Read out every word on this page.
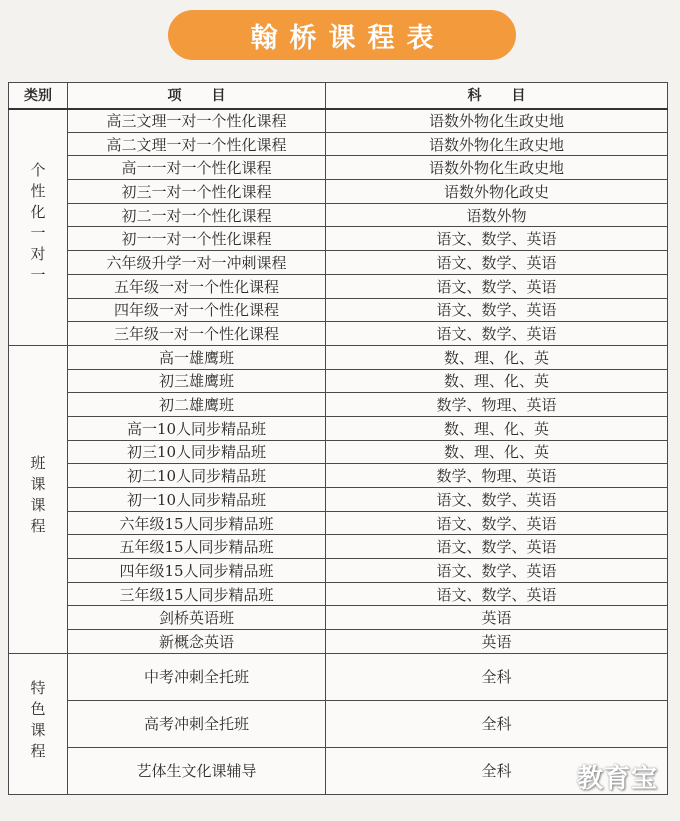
翰桥课程表
类别	项目	科目
个性化一对一	高三文理一对一个性化课程	语数外物化生政史地
	高二文理一对一个性化课程	语数外物化生政史地
	高一一对一个性化课程	语数外物化生政史地
	初三一对一个性化课程	语数外物化政史
	初二一对一个性化课程	语数外物
	初一一对一个性化课程	语文、数学、英语
	六年级升学一对一冲刺课程	语文、数学、英语
	五年级一对一个性化课程	语文、数学、英语
	四年级一对一个性化课程	语文、数学、英语
	三年级一对一个性化课程	语文、数学、英语
班课课程	高一雄鹰班	数、理、化、英
	初三雄鹰班	数、理、化、英
	初二雄鹰班	数学、物理、英语
	高一10人同步精品班	数、理、化、英
	初三10人同步精品班	数、理、化、英
	初二10人同步精品班	数学、物理、英语
	初一10人同步精品班	语文、数学、英语
	六年级15人同步精品班	语文、数学、英语
	五年级15人同步精品班	语文、数学、英语
	四年级15人同步精品班	语文、数学、英语
	三年级15人同步精品班	语文、数学、英语
	剑桥英语班	英语
	新概念英语	英语
特色课程	中考冲刺全托班	全科
	高考冲刺全托班	全科
	艺体生文化课辅导	全科	教育宝
